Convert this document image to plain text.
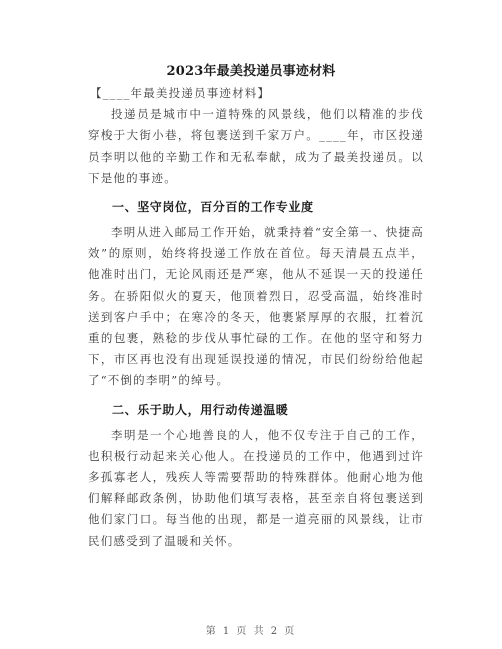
2023年最美投递员事迹材料

【____年最美投递员事迹材料】

投递员是城市中一道特殊的风景线，他们以精准的步伐穿梭于大街小巷，将包裹送到千家万户。____年，市区投递员李明以他的辛勤工作和无私奉献，成为了最美投递员。以下是他的事迹。

一、坚守岗位，百分百的工作专业度

李明从进入邮局工作开始，就秉持着“安全第一、快捷高效”的原则，始终将投递工作放在首位。每天清晨五点半，他准时出门，无论风雨还是严寒，他从不延误一天的投递任务。在骄阳似火的夏天，他顶着烈日，忍受高温，始终准时送到客户手中；在寒冷的冬天，他裹紧厚厚的衣服，扛着沉重的包裹，熟稔的步伐从事忙碌的工作。在他的坚守和努力下，市区再也没有出现延误投递的情况，市民们纷纷给他起了“不倒的李明”的绰号。

二、乐于助人，用行动传递温暖

李明是一个心地善良的人，他不仅专注于自己的工作，也积极行动起来关心他人。在投递员的工作中，他遇到过许多孤寡老人，残疾人等需要帮助的特殊群体。他耐心地为他们解释邮政条例，协助他们填写表格，甚至亲自将包裹送到他们家门口。每当他的出现，都是一道亮丽的风景线，让市民们感受到了温暖和关怀。

第 1 页 共 2 页
